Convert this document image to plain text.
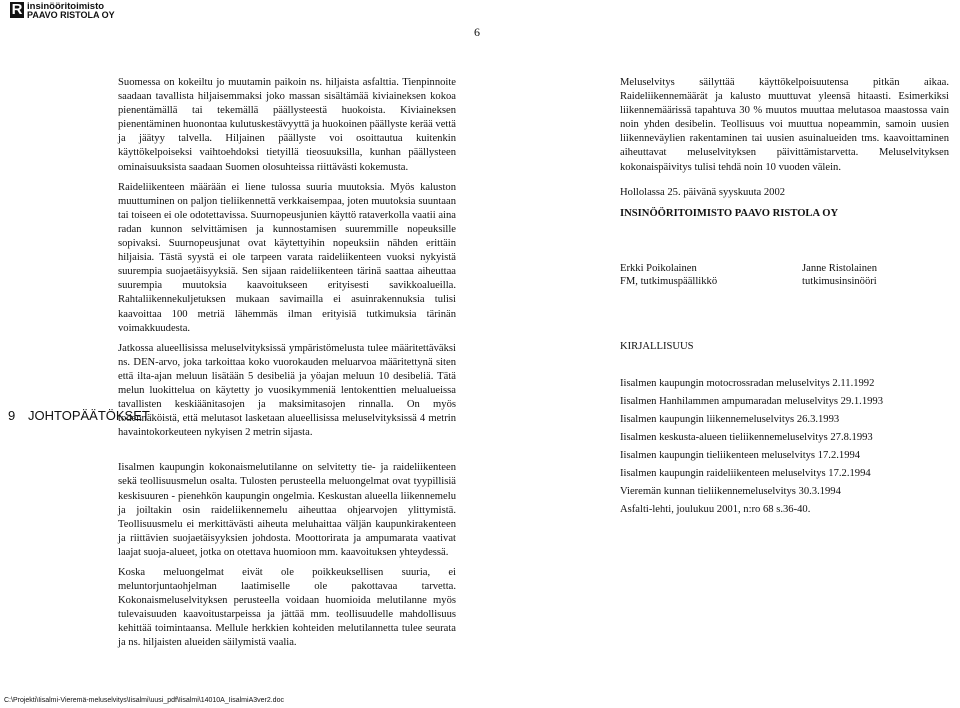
R insinööritoimisto
PAAVO RISTOLA OY
6

Suomessa on kokeiltu jo muutamin paikoin ns. hiljaista asfalttia. Tienpinnoite saadaan tavallista hiljaisemmaksi joko massan sisältämää kiviaineksen kokoa pienentämällä tai tekemällä päällysteestä huokoista. Kiviaineksen pienentäminen huonontaa kulutuskestävyyttä ja huokoinen päällyste kerää vettä ja jäätyy talvella. Hiljainen päällyste voi osoittautua kuitenkin käyttökelpoiseksi vaihtoehdoksi tietyillä tieosuuksilla, kunhan päällysteen ominaisuuksista saadaan Suomen olosuhteissa riittävästi kokemusta.

Raideliikenteen määrään ei liene tulossa suuria muutoksia. Myös kaluston muuttuminen on paljon tieliikennettä verkkaisempaa, joten muutoksia suuntaan tai toiseen ei ole odotettavissa. Suurnopeusjunien käyttö rataverkolla vaatii aina radan kunnon selvittämisen ja kunnostamisen suuremmille nopeuksille sopivaksi. Suurnopeusjunat ovat käytettyihin nopeuksiin nähden erittäin hiljaisia. Tästä syystä ei ole tarpeen varata raideliikenteen vuoksi nykyistä suurempia suojaetäisyyksiä. Sen sijaan raideliikenteen tärinä saattaa aiheuttaa suurempia muutoksia kaavoitukseen erityisesti savikkoalueilla. Rahtaliikennekuljetuksen mukaan savimailla ei asuinrakennuksia tulisi kaavoittaa 100 metriä lähemmäs ilman erityisiä tutkimuksia tärinän voimakkuudesta.

Jatkossa alueellisissa meluselvityksissä ympäristömelusta tulee määritettäväksi ns. DEN-arvo, joka tarkoittaa koko vuorokauden meluarvoa määritettynä siten että ilta-ajan meluun lisätään 5 desibeliä ja yöajan meluun 10 desibeliä. Tätä melun luokittelua on käytetty jo vuosikymmeniä lentokenttien melualueissa tavallisten keskiäänitasojen ja maksimitasojen rinnalla. On myös todennäköistä, että melutasot lasketaan alueellisissa meluselvityksissä 4 metrin havaintokorkeuteen nykyisen 2 metrin sijasta.

Iisalmen kaupungin kokonaismelutilanne on selvitetty tie- ja raideliikenteen sekä teollisuusmelun osalta. Tulosten perusteella meluongelmat ovat tyypillisiä keskisuuren - pienehkön kaupungin ongelmia. Keskustan alueella liikennemelu ja joiltakin osin raideliikennemelu aiheuttaa ohjearvojen ylittymistä. Teollisuusmelu ei merkittävästi aiheuta meluhaittaa väljän kaupunkirakenteen ja riittävien suojaetäisyyksien johdosta. Moottorirata ja ampumarata vaativat laajat suoja-alueet, jotka on otettava huomioon mm. kaavoituksen yhteydessä.

Koska meluongelmat eivät ole poikkeuksellisen suuria, ei meluntorjuntaohjelman laatimiselle ole pakottavaa tarvetta. Kokonaismeluselvityksen perusteella voidaan huomioida melutilanne myös tulevaisuuden kaavoitustarpeissa ja jättää mm. teollisuudelle mahdollisuus kehittää toimintaansa. Mellule herkkien kohteiden melutilannetta tulee seurata ja ns. hiljaisten alueiden säilymistä vaalia.

9 JOHTOPÄÄTÖKSET

Meluselvitys säilyttää käyttökelpoisuutensa pitkän aikaa. Raideliikennemäärät ja kalusto muuttuvat yleensä hitaasti. Esimerkiksi liikennemäärissä tapahtuva 30 % muutos muuttaa melutasoa maastossa vain noin yhden desibelin. Teollisuus voi muuttua nopeammin, samoin uusien liikenneväylien rakentaminen tai uusien asuinalueiden tms. kaavoittaminen aiheuttavat meluselvityksen päivittämistarvetta. Meluselvityksen kokonaispäivitys tulisi tehdä noin 10 vuoden välein.

Hollolassa 25. päivänä syyskuuta 2002
INSINÖÖRITOIMISTO PAAVO RISTOLA OY
Erkki Poikolainen
FM, tutkimuspäällikkö
Janne Ristolainen
tutkimusinsinööri
KIRJALLISUUS
Iisalmen kaupungin motocrossradan meluselvitys 2.11.1992
Iisalmen Hanhilammen ampumaradan meluselvitys 29.1.1993
Iisalmen kaupungin liikennemeluselvitys 26.3.1993
Iisalmen keskusta-alueen tieliikennemeluselvitys 27.8.1993
Iisalmen kaupungin tieliikenteen meluselvitys 17.2.1994
Iisalmen kaupungin raideliikenteen meluselvitys 17.2.1994
Vieremän kunnan tieliikennemeluselvitys 30.3.1994
Asfalti-lehti, joulukuu 2001, n:ro 68 s.36-40.
C:\Projekti\Iisalmi-Vieremä-meluselvitys\Iisalmi\uusi_pdf\Iisalmi\14010A_IisalmiA3ver2.doc
